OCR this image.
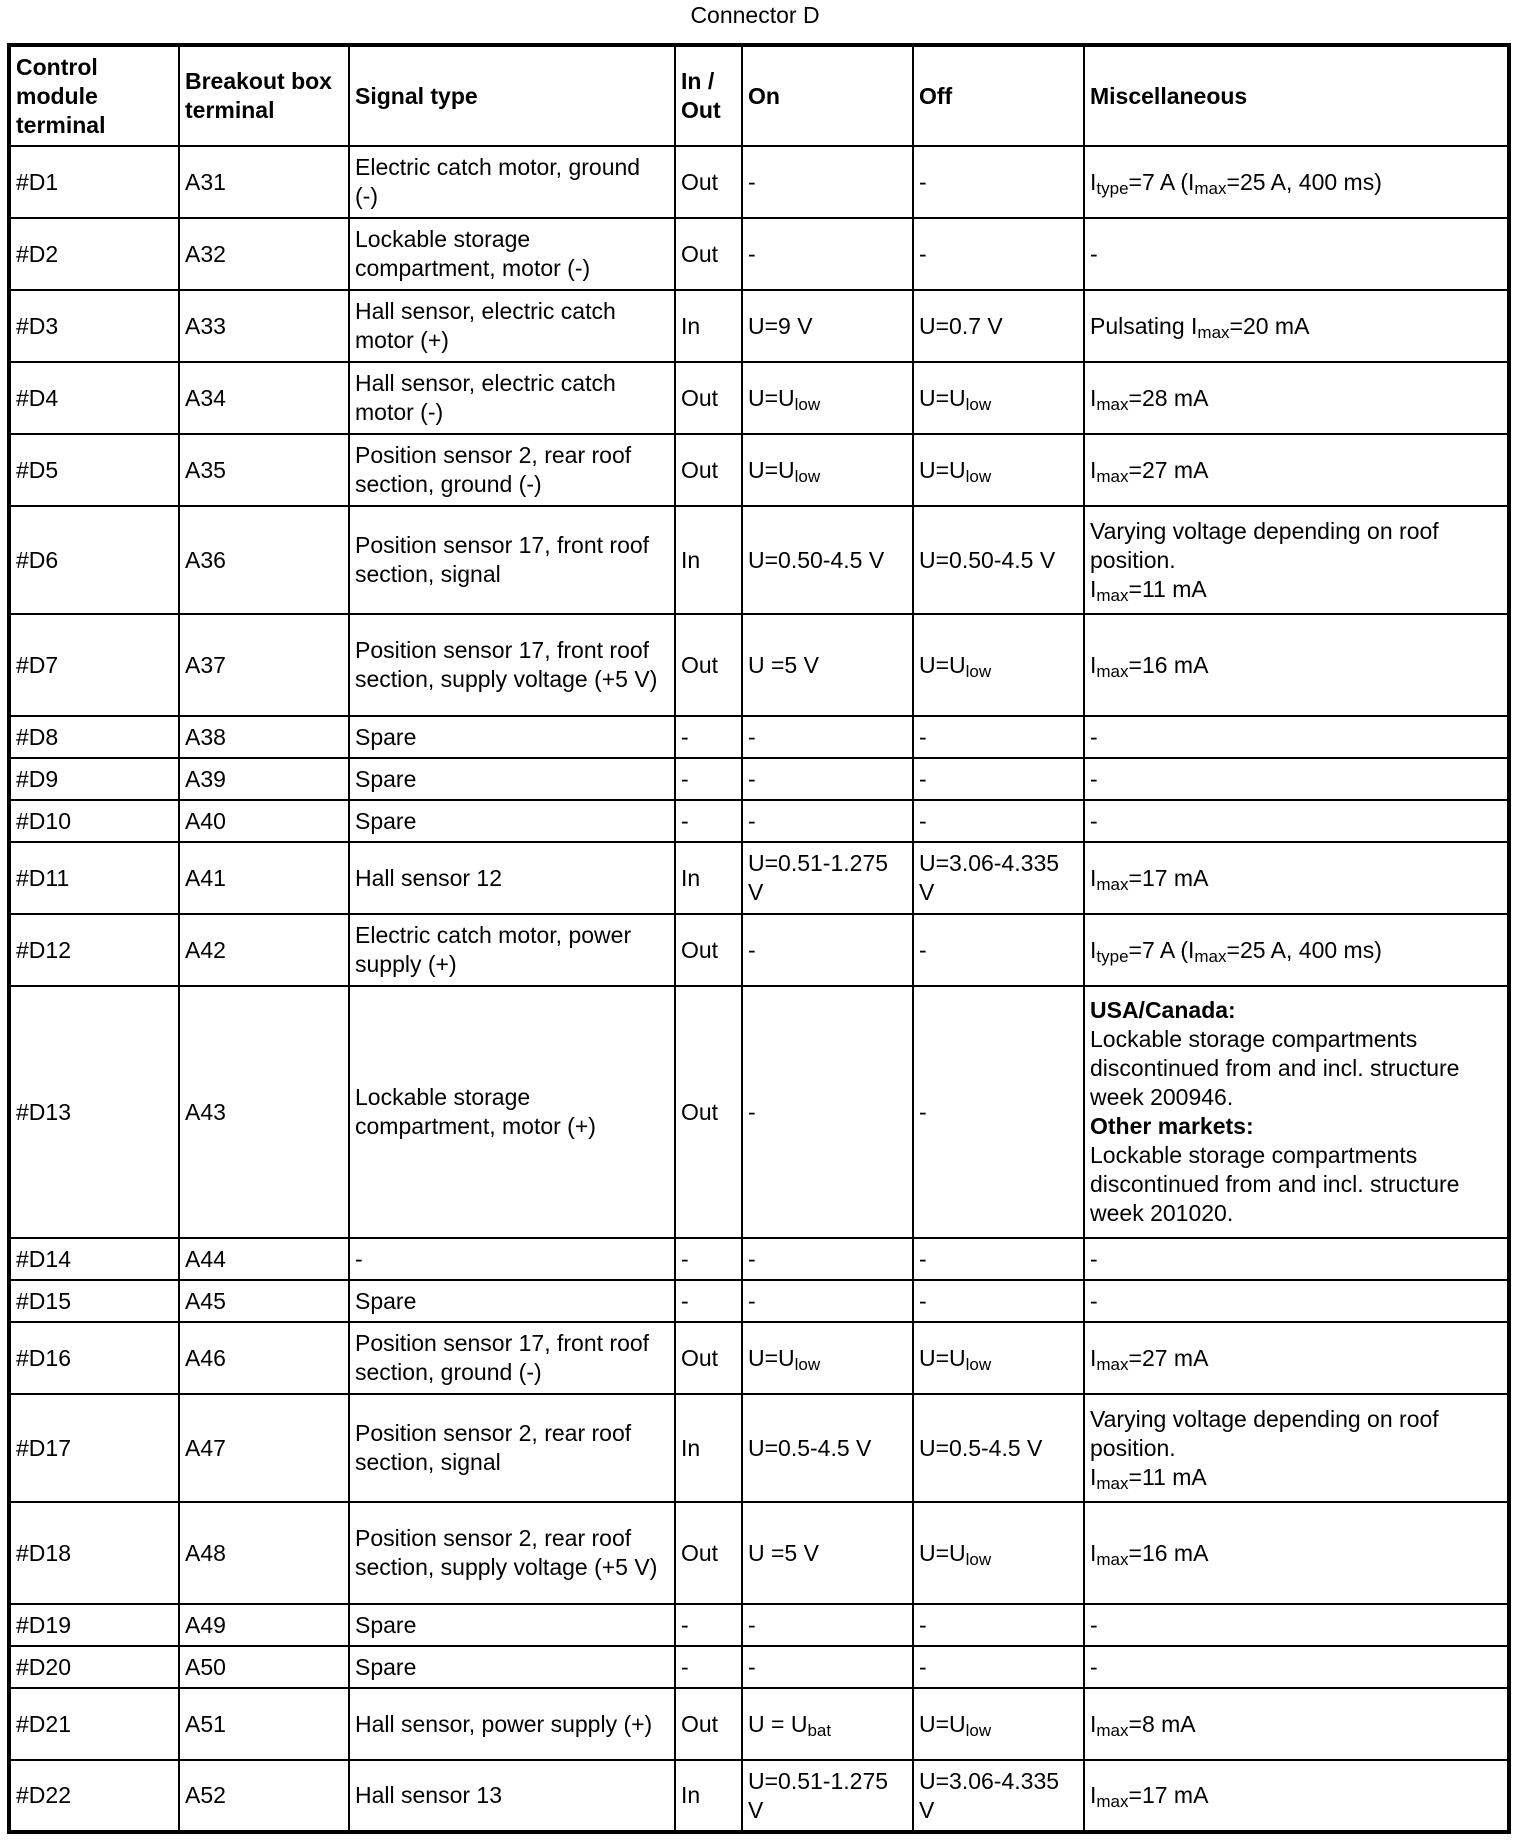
Connector D
Control module terminal	Breakout box terminal	Signal type	In / Out	On	Off	Miscellaneous
#D1	A31	Electric catch motor, ground (-)	Out	-	-	$I_{type}=7$ A ($I_{max}=25$ A, 400 ms)
#D2	A32	Lockable storage compartment, motor (-)	Out	-	-	-
#D3	A33	Hall sensor, electric catch motor (+)	In	U=9 V	U=0.7 V	Pulsating $I_{max}=20$ mA
#D4	A34	Hall sensor, electric catch motor (-)	Out	$U=U_{low}$	$U=U_{low}$	$I_{max}=28$ mA
#D5	A35	Position sensor 2, rear roof section, ground (-)	Out	$U=U_{low}$	$U=U_{low}$	$I_{max}=27$ mA
#D6	A36	Position sensor 17, front roof section, signal	In	U=0.50-4.5 V	U=0.50-4.5 V	Varying voltage depending on roof position.
$I_{max}=11$ mA
#D7	A37	Position sensor 17, front roof section, supply voltage (+5 V)	Out	U =5 V	$U=U_{low}$	$I_{max}=16$ mA
#D8	A38	Spare	-	-	-	-
#D9	A39	Spare	-	-	-	-
#D10	A40	Spare	-	-	-	-
#D11	A41	Hall sensor 12	In	U=0.51-1.275 V	U=3.06-4.335 V	$I_{max}=17$ mA
#D12	A42	Electric catch motor, power supply (+)	Out	-	-	$I_{type}=7$ A ($I_{max}=25$ A, 400 ms)
#D13	A43	Lockable storage compartment, motor (+)	Out	-	-	USA/Canada:
Lockable storage compartments discontinued from and incl. structure week 200946.
Other markets:
Lockable storage compartments discontinued from and incl. structure week 201020.
#D14	A44	-	-	-	-	-
#D15	A45	Spare	-	-	-	-
#D16	A46	Position sensor 17, front roof section, ground (-)	Out	$U=U_{low}$	$U=U_{low}$	$I_{max}=27$ mA
#D17	A47	Position sensor 2, rear roof section, signal	In	U=0.5-4.5 V	U=0.5-4.5 V	Varying voltage depending on roof position.
$I_{max}=11$ mA
#D18	A48	Position sensor 2, rear roof section, supply voltage (+5 V)	Out	U =5 V	$U=U_{low}$	$I_{max}=16$ mA
#D19	A49	Spare	-	-	-	-
#D20	A50	Spare	-	-	-	-
#D21	A51	Hall sensor, power supply (+)	Out	$U = U_{bat}$	$U=U_{low}$	$I_{max}=8$ mA
#D22	A52	Hall sensor 13	In	U=0.51-1.275 V	U=3.06-4.335 V	$I_{max}=17$ mA
